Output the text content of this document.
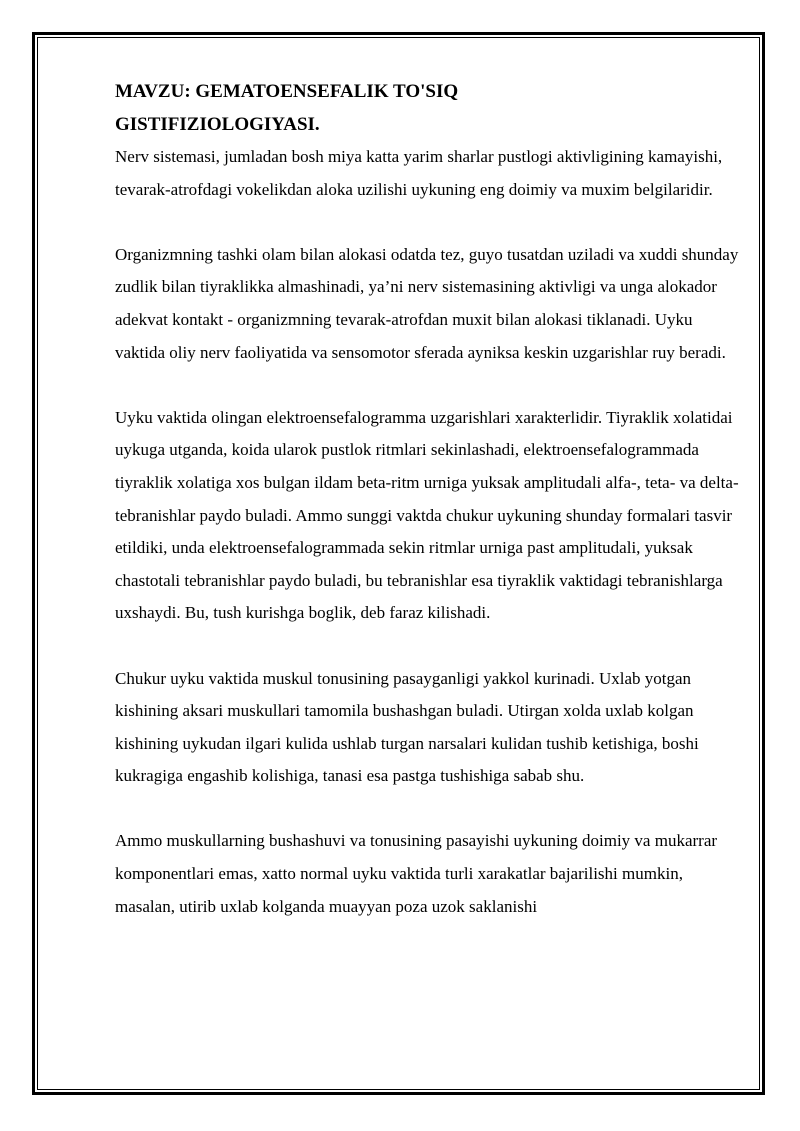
MAVZU: GEMATOENSEFALIK TO'SIQ
GISTIFIZIOLOGIYASI.

Nerv sistemasi, jumladan bosh miya katta yarim sharlar pustlogi aktivligining kamayishi, tevarak-atrofdagi vokelikdan aloka uzilishi uykuning eng doimiy va muxim belgilaridir.

Organizmning tashki olam bilan alokasi odatda tez, guyo tusatdan uziladi va xuddi shunday zudlik bilan tiyraklikka almashinadi, ya’ni nerv sistemasining aktivligi va unga alokador adekvat kontakt - organizmning tevarak-atrofdan muxit bilan alokasi tiklanadi. Uyku vaktida oliy nerv faoliyatida va sensomotor sferada ayniksa keskin uzgarishlar ruy beradi.

Uyku vaktida olingan elektroensefalogramma uzgarishlari xarakterlidir. Tiyraklik xolatidai uykuga utganda, koida ularok pustlok ritmlari sekinlashadi, elektroensefalogrammada tiyraklik xolatiga xos bulgan ildam beta-ritm urniga yuksak amplitudali alfa-, teta- va delta-tebranishlar paydo buladi. Ammo sunggi vaktda chukur uykuning shunday formalari tasvir etildiki, unda elektroensefalogrammada sekin ritmlar urniga past amplitudali, yuksak chastotali tebranishlar paydo buladi, bu tebranishlar esa tiyraklik vaktidagi tebranishlarga uxshaydi. Bu, tush kurishga boglik, deb faraz kilishadi.

Chukur uyku vaktida muskul tonusining pasayganligi yakkol kurinadi. Uxlab yotgan kishining aksari muskullari tamomila bushashgan buladi. Utirgan xolda uxlab kolgan kishining uykudan ilgari kulida ushlab turgan narsalari kulidan tushib ketishiga, boshi kukragiga engashib kolishiga, tanasi esa pastga tushishiga sabab shu.

Ammo muskullarning bushashuvi va tonusining pasayishi uykuning doimiy va mukarrar komponentlari emas, xatto normal uyku vaktida turli xarakatlar bajarilishi mumkin, masalan, utirib uxlab kolganda muayyan poza uzok saklanishi
